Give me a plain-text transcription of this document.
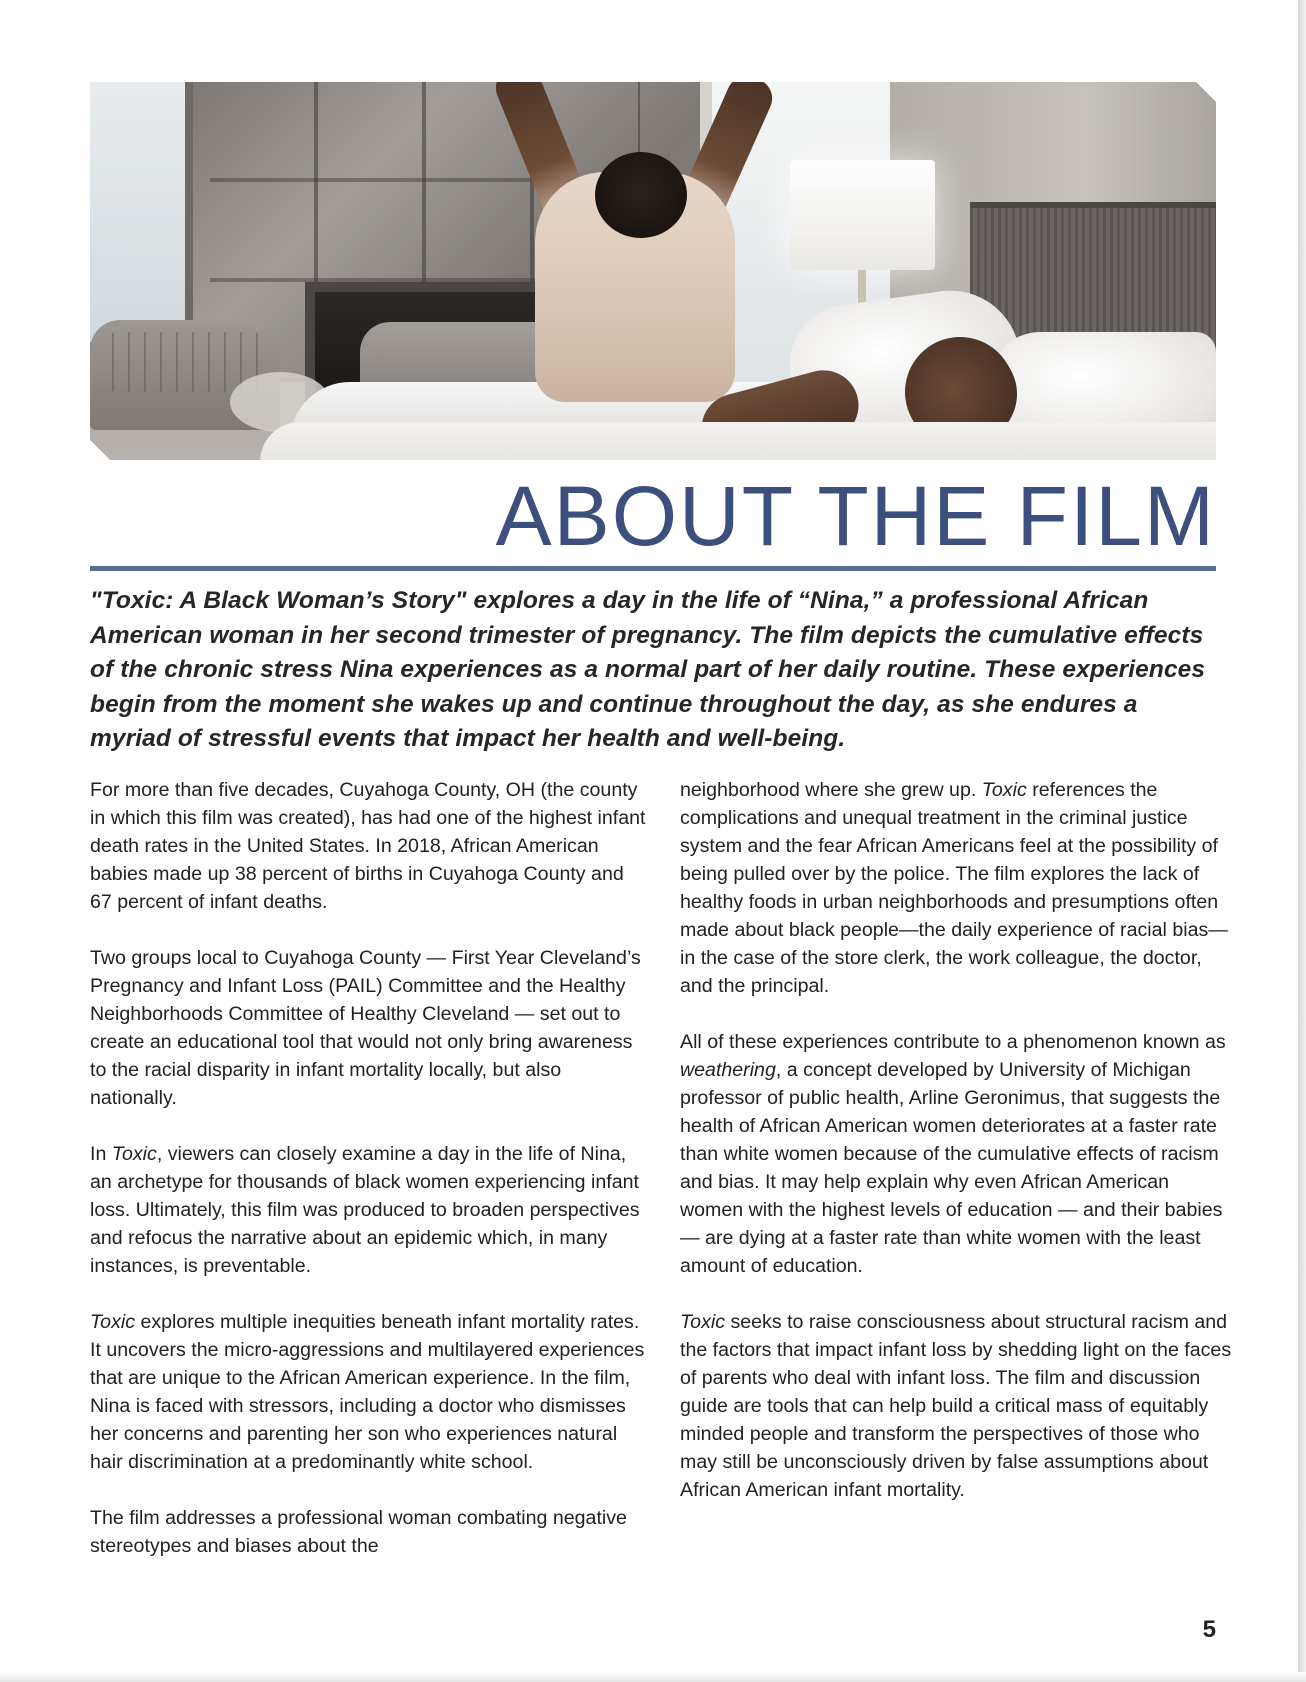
ABOUT THE FILM

"Toxic: A Black Woman’s Story" explores a day in the life of “Nina,” a professional African American woman in her second trimester of pregnancy. The film depicts the cumulative effects of the chronic stress Nina experiences as a normal part of her daily routine. These experiences begin from the moment she wakes up and continue throughout the day, as she endures a myriad of stressful events that impact her health and well-being.

For more than five decades, Cuyahoga County, OH (the county in which this film was created), has had one of the highest infant death rates in the United States. In 2018, African American babies made up 38 percent of births in Cuyahoga County and 67 percent of infant deaths.

Two groups local to Cuyahoga County — First Year Cleveland’s Pregnancy and Infant Loss (PAIL) Committee and the Healthy Neighborhoods Committee of Healthy Cleveland — set out to create an educational tool that would not only bring awareness to the racial disparity in infant mortality locally, but also nationally.

In Toxic, viewers can closely examine a day in the life of Nina, an archetype for thousands of black women experiencing infant loss. Ultimately, this film was produced to broaden perspectives and refocus the narrative about an epidemic which, in many instances, is preventable.

Toxic explores multiple inequities beneath infant mortality rates. It uncovers the micro-aggressions and multilayered experiences that are unique to the African American experience. In the film, Nina is faced with stressors, including a doctor who dismisses her concerns and parenting her son who experiences natural hair discrimination at a predominantly white school.

The film addresses a professional woman combating negative stereotypes and biases about the

neighborhood where she grew up. Toxic references the complications and unequal treatment in the criminal justice system and the fear African Americans feel at the possibility of being pulled over by the police. The film explores the lack of healthy foods in urban neighborhoods and presumptions often made about black people—the daily experience of racial bias—in the case of the store clerk, the work colleague, the doctor, and the principal.

All of these experiences contribute to a phenomenon known as weathering, a concept developed by University of Michigan professor of public health, Arline Geronimus, that suggests the health of African American women deteriorates at a faster rate than white women because of the cumulative effects of racism and bias. It may help explain why even African American women with the highest levels of education — and their babies — are dying at a faster rate than white women with the least amount of education.

Toxic seeks to raise consciousness about structural racism and the factors that impact infant loss by shedding light on the faces of parents who deal with infant loss. The film and discussion guide are tools that can help build a critical mass of equitably minded people and transform the perspectives of those who may still be unconsciously driven by false assumptions about African American infant mortality.

5
